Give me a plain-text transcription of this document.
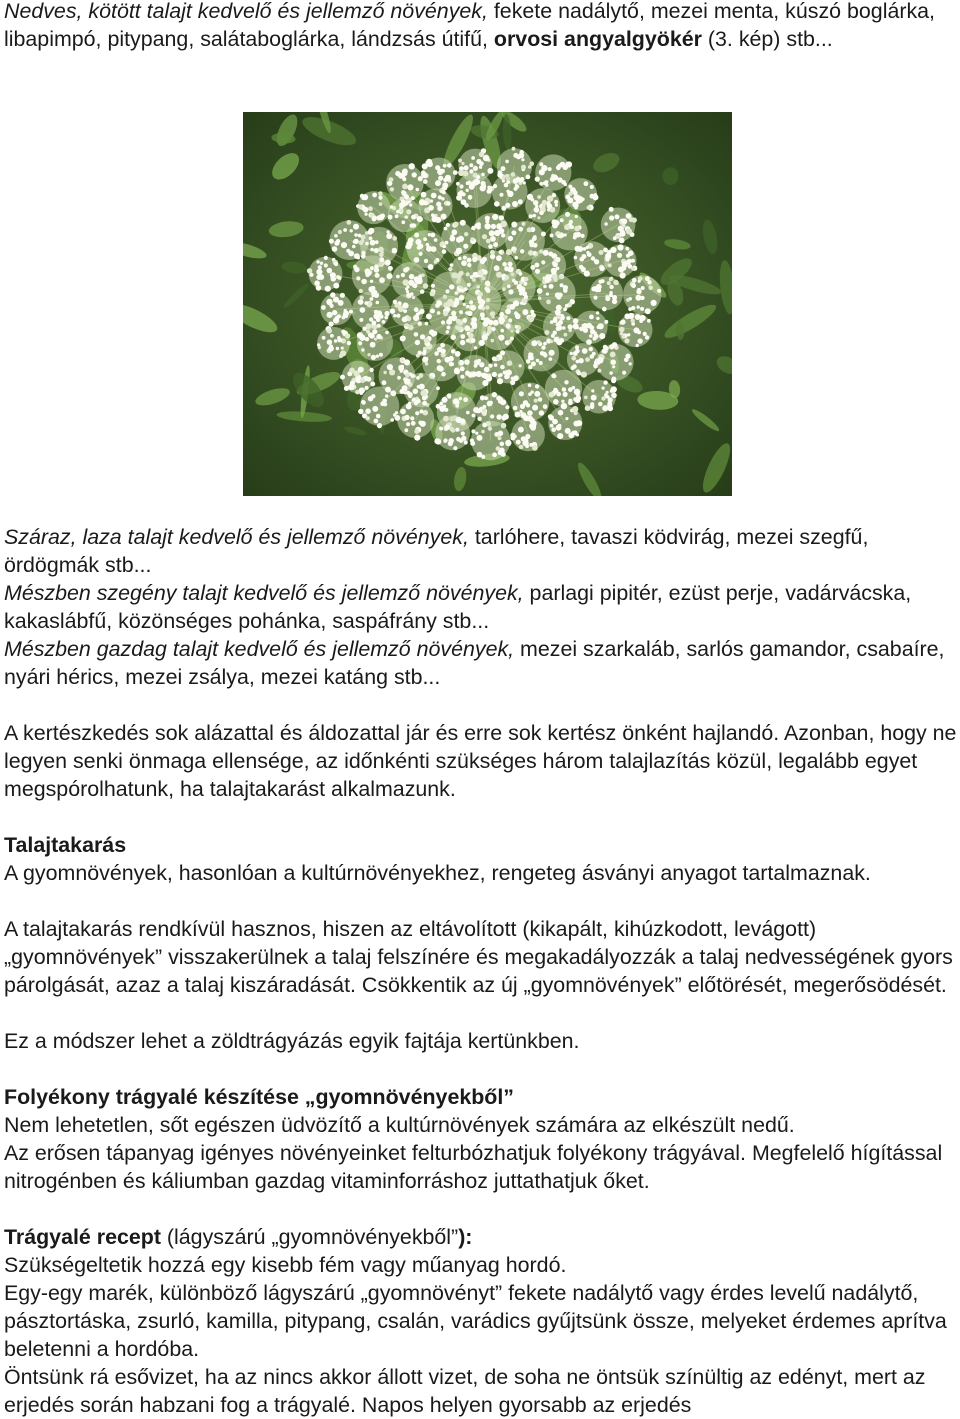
Nedves, kötött talajt kedvelő és jellemző növények, fekete nadálytő, mezei menta, kúszó boglárka, libapimpó, pitypang, salátaboglárka, lándzsás útifű, orvosi angyalgyökér (3. kép) stb...

Száraz, laza talajt kedvelő és jellemző növények, tarlóhere, tavaszi ködvirág, mezei szegfű, ördögmák stb...

Mészben szegény talajt kedvelő és jellemző növények, parlagi pipitér, ezüst perje, vadárvácska, kakaslábfű, közönséges pohánka, saspáfrány stb...

Mészben gazdag talajt kedvelő és jellemző növények, mezei szarkaláb, sarlós gamandor, csabaíre, nyári hérics, mezei zsálya, mezei katáng stb...

A kertészkedés sok alázattal és áldozattal jár és erre sok kertész önként hajlandó. Azonban, hogy ne legyen senki önmaga ellensége, az időnkénti szükséges három talajlazítás közül, legalább egyet megspórolhatunk, ha talajtakarást alkalmazunk.

Talajtakarás

A gyomnövények, hasonlóan a kultúrnövényekhez, rengeteg ásványi anyagot tartalmaznak.

A talajtakarás rendkívül hasznos, hiszen az eltávolított (kikapált, kihúzkodott, levágott) „gyomnövények” visszakerülnek a talaj felszínére és megakadályozzák a talaj nedvességének gyors párolgását, azaz a talaj kiszáradását. Csökkentik az új „gyomnövények” előtörését, megerősödését.

Ez a módszer lehet a zöldtrágyázás egyik fajtája kertünkben.

Folyékony trágyalé készítése „gyomnövényekből”

Nem lehetetlen, sőt egészen üdvözítő a kultúrnövények számára az elkészült nedű.

Az erősen tápanyag igényes növényeinket felturbózhatjuk folyékony trágyával. Megfelelő hígítással nitrogénben és káliumban gazdag vitaminforráshoz juttathatjuk őket.

Trágyalé recept (lágyszárú „gyomnövényekből”):

Szükségeltetik hozzá egy kisebb fém vagy műanyag hordó.

Egy-egy marék, különböző lágyszárú „gyomnövényt” fekete nadálytő vagy érdes levelű nadálytő, pásztortáska, zsurló, kamilla, pitypang, csalán, varádics gyűjtsünk össze, melyeket érdemes aprítva beletenni a hordóba.

Öntsünk rá esővizet, ha az nincs akkor állott vizet, de soha ne öntsük színültig az edényt, mert az erjedés során habzani fog a trágyalé. Napos helyen gyorsabb az erjedés
